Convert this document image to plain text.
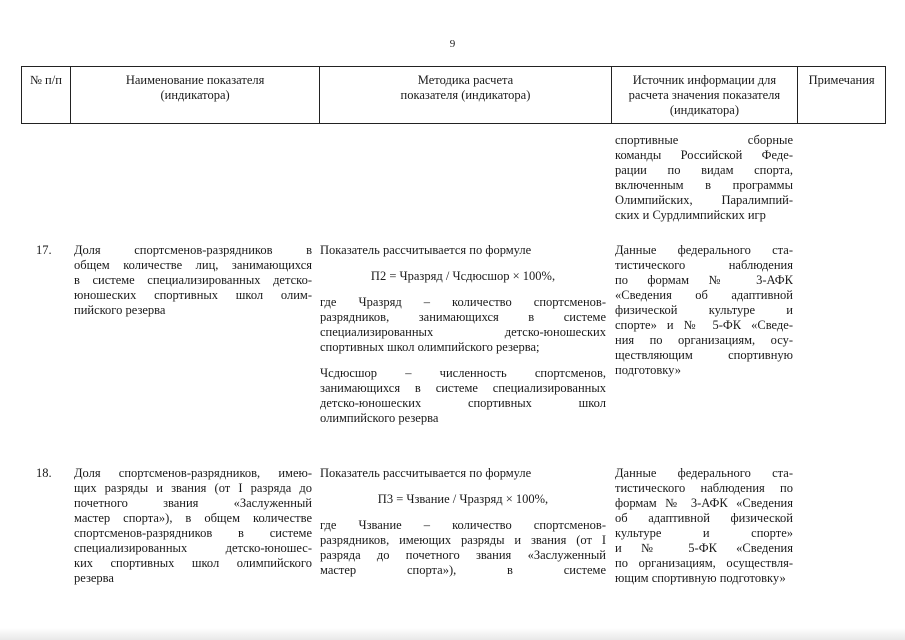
9
№ п/п	Наименование показателя
(индикатора)
Методика расчета
показателя (индикатора)
Источник информации для
расчета значения показателя
(индикатора)
Примечания
спортивные сборные
команды Российской Феде-
рации по видам спорта,
включенным в программы
Олимпийских, Паралимпий-
ских и Сурдлимпийских игр
17. Доля спортсменов-разрядников в
общем количестве лиц, занимающихся
в системе специализированных детско-
юношеских спортивных школ олим-
пийского резерва
Показатель рассчитывается по формуле
П2 = Чразряд / Чсдюсшор × 100%,
где Чразряд – количество спортсменов-
разрядников, занимающихся в системе
специализированных детско-юношеских
спортивных школ олимпийского резерва;
Чсдюсшор – численность спортсменов,
занимающихся в системе специализированных
детско-юношеских спортивных школ
олимпийского резерва
Данные федерального ста-
тистического наблюдения
по формам № 3-АФК
«Сведения об адаптивной
физической культуре и
спорте» и № 5-ФК «Сведе-
ния по организациям, осу-
ществляющим спортивную
подготовку»
18. Доля спортсменов-разрядников, имею-
щих разряды и звания (от I разряда до
почетного звания «Заслуженный
мастер спорта»), в общем количестве
спортсменов-разрядников в системе
специализированных детско-юношес-
ких спортивных школ олимпийского
резерва
Показатель рассчитывается по формуле
П3 = Чзвание / Чразряд × 100%,
где Чзвание – количество спортсменов-
разрядников, имеющих разряды и звания (от I
разряда до почетного звания «Заслуженный
мастер спорта»), в системе
Данные федерального ста-
тистического наблюдения по
формам № 3-АФК «Сведения
об адаптивной физической
культуре и спорте»
и № 5-ФК «Сведения
по организациям, осуществля-
ющим спортивную подготовку»
